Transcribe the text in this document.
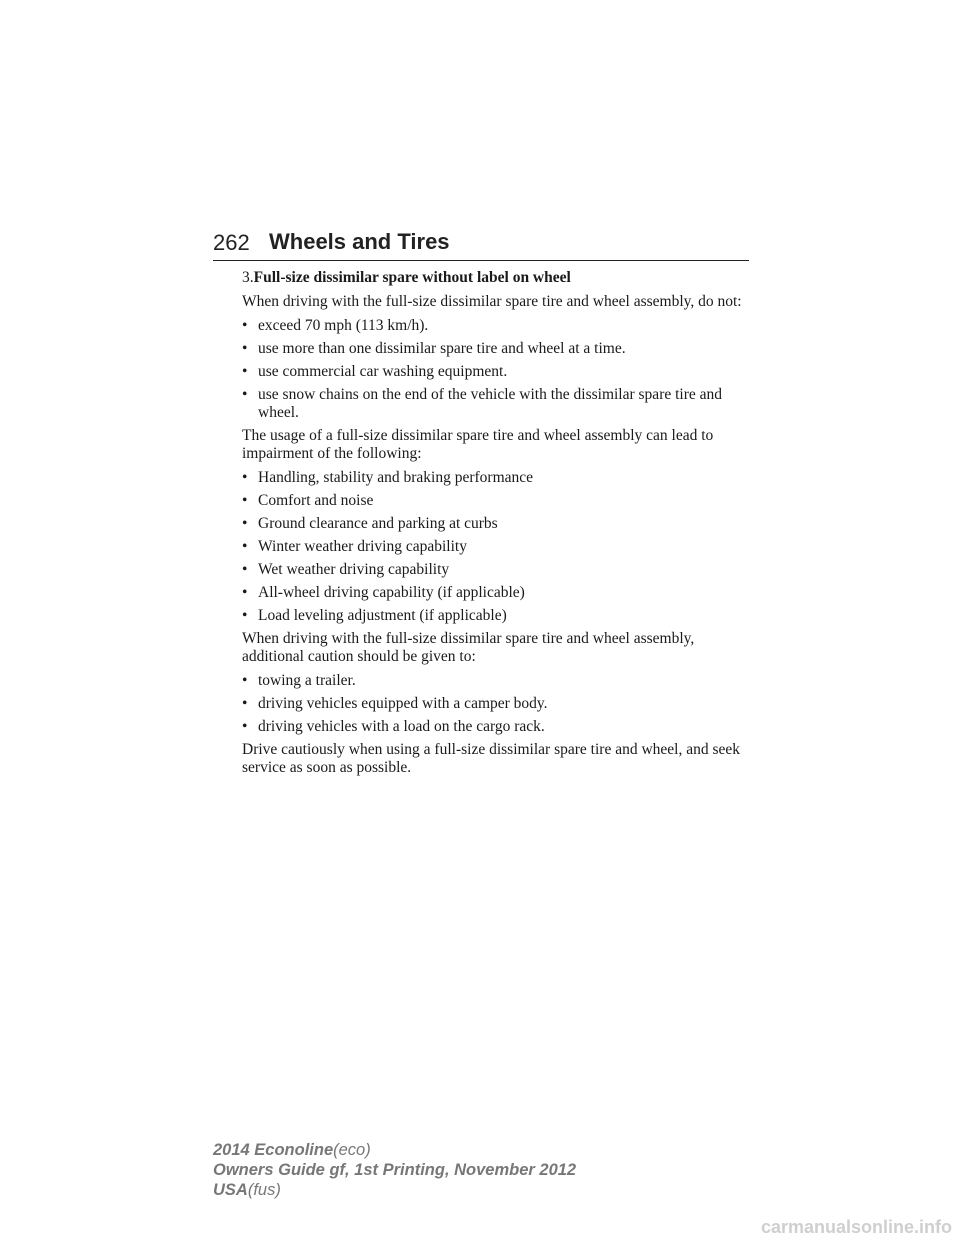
262 Wheels and Tires

3.Full-size dissimilar spare without label on wheel

When driving with the full-size dissimilar spare tire and wheel assembly, do not:

• exceed 70 mph (113 km/h).
• use more than one dissimilar spare tire and wheel at a time.
• use commercial car washing equipment.
• use snow chains on the end of the vehicle with the dissimilar spare tire and wheel.

The usage of a full-size dissimilar spare tire and wheel assembly can lead to impairment of the following:

• Handling, stability and braking performance
• Comfort and noise
• Ground clearance and parking at curbs
• Winter weather driving capability
• Wet weather driving capability
• All-wheel driving capability (if applicable)
• Load leveling adjustment (if applicable)

When driving with the full-size dissimilar spare tire and wheel assembly, additional caution should be given to:

• towing a trailer.
• driving vehicles equipped with a camper body.
• driving vehicles with a load on the cargo rack.

Drive cautiously when using a full-size dissimilar spare tire and wheel, and seek service as soon as possible.

2014 Econoline(eco)
Owners Guide gf, 1st Printing, November 2012
USA(fus)
carmanualsonline.info
